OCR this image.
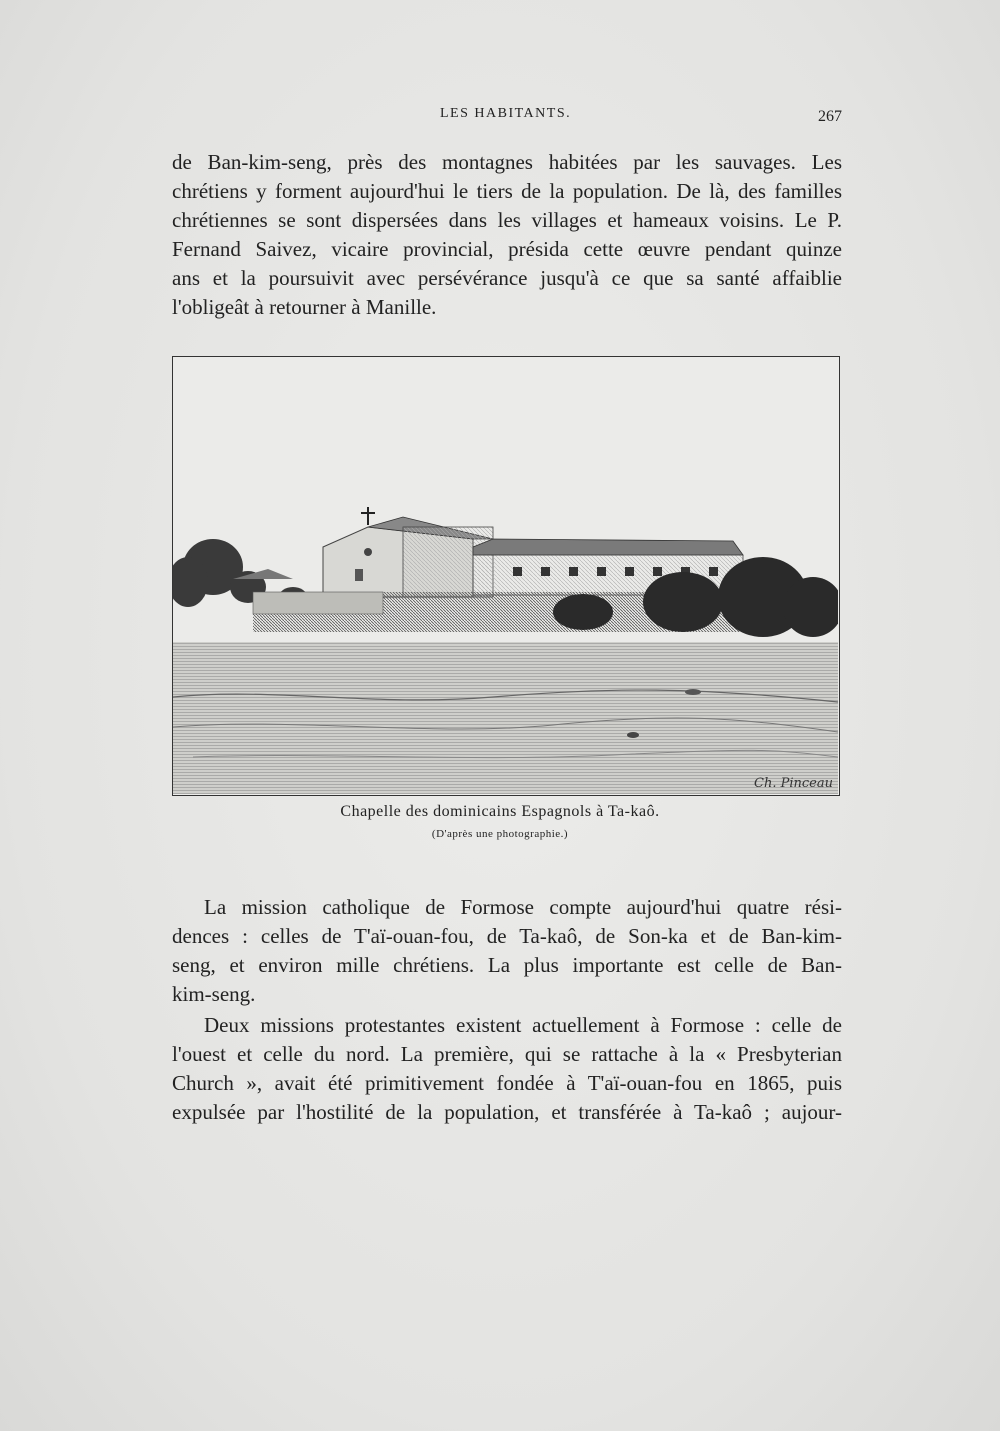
LES HABITANTS.	267
de Ban-kim-seng, près des montagnes habitées par les sauvages. Les
chrétiens y forment aujourd'hui le tiers de la population. De là, des familles
chrétiennes se sont dispersées dans les villages et hameaux voisins. Le P.
Fernand Saivez, vicaire provincial, présida cette œuvre pendant quinze
ans et la poursuivit avec persévérance jusqu'à ce que sa santé affaiblie
l'obligeât à retourner à Manille.
Ch. Pinceau
Chapelle des dominicains Espagnols à Ta-kaô.
(D'après une photographie.)
La mission catholique de Formose compte aujourd'hui quatre rési-
dences : celles de T'aï-ouan-fou, de Ta-kaô, de Son-ka et de Ban-kim-
seng, et environ mille chrétiens. La plus importante est celle de Ban-
kim-seng.
Deux missions protestantes existent actuellement à Formose : celle de
l'ouest et celle du nord. La première, qui se rattache à la « Presbyterian
Church », avait été primitivement fondée à T'aï-ouan-fou en 1865, puis
expulsée par l'hostilité de la population, et transférée à Ta-kaô ; aujour-
